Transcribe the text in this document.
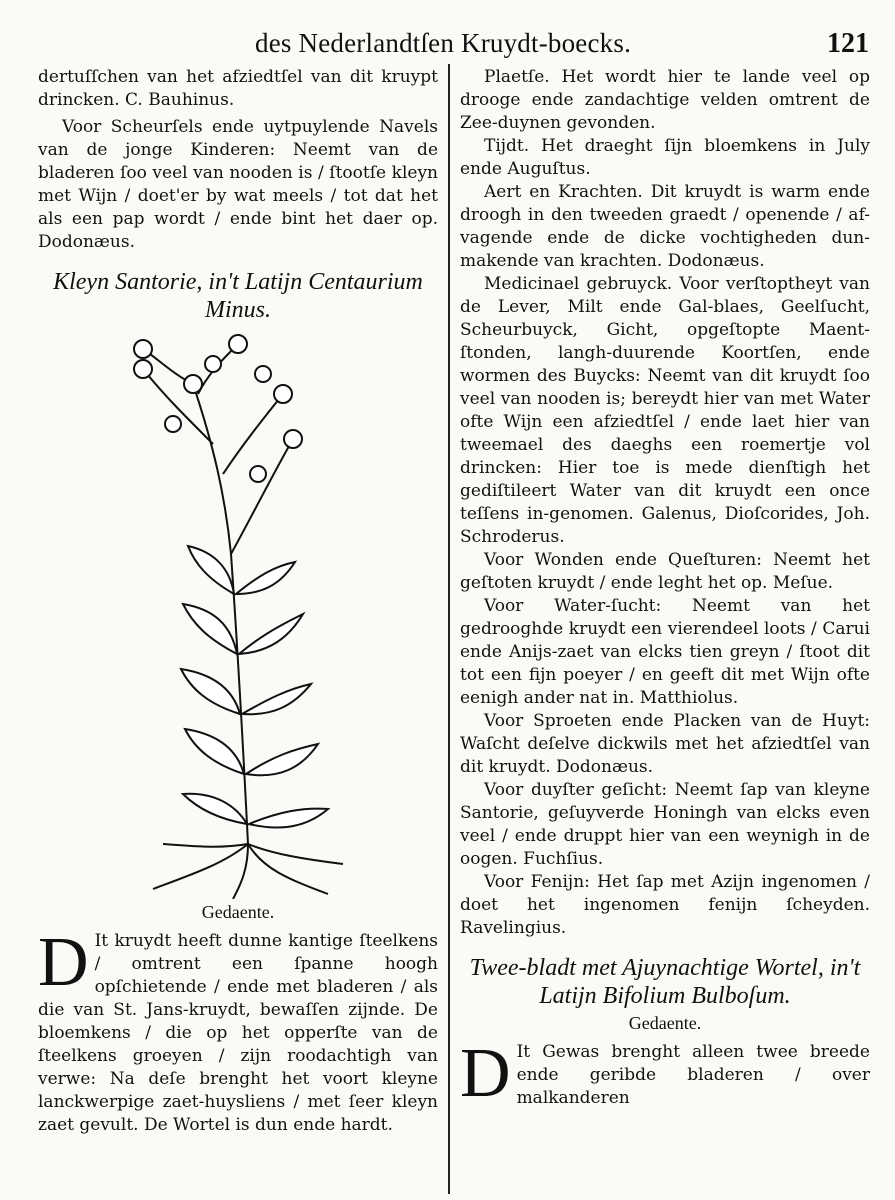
des Nederlandtſen Kruydt-boecks.	121

dertuſſchen van het afziedtſel van dit kruypt drincken. C. Bauhinus.

Voor Scheurſels ende uytpuylende Navels van de jonge Kinderen: Neemt van de bladeren ſoo veel van nooden is / ſtootſe kleyn met Wijn / doet'er by wat meels / tot dat het als een pap wordt / ende bint het daer op. Dodonæus.

Kleyn Santorie, in't Latijn Centaurium Minus.
Gedaente.

D It kruydt heeft dunne kantige ſteelkens / omtrent een ſpanne hoogh opſchietende / ende met bladeren / als die van St. Jans-kruydt, bewaſſen zijnde. De bloemkens / die op het opperſte van de ſteelkens groeyen / zijn roodachtigh van verwe: Na deſe brenght het voort kleyne lanckwerpige zaet-huysliens / met ſeer kleyn zaet gevult. De Wortel is dun ende hardt.

Plaetſe. Het wordt hier te lande veel op drooge ende zandachtige velden omtrent de Zee-duynen gevonden.

Tijdt. Het draeght ſijn bloemkens in July ende Auguſtus.

Aert en Krachten. Dit kruydt is warm ende droogh in den tweeden graedt / openende / af-vagende ende de dicke vochtigheden dun-makende van krachten. Dodonæus.

Medicinael gebruyck. Voor verſtoptheyt van de Lever, Milt ende Gal-blaes, Geelſucht, Scheurbuyck, Gicht, opgeſtopte Maent-ſtonden, langh-duurende Koortſen, ende wormen des Buycks: Neemt van dit kruydt ſoo veel van nooden is; bereydt hier van met Water ofte Wijn een afziedtſel / ende laet hier van tweemael des daeghs een roemertje vol drincken: Hier toe is mede dienſtigh het gediſtileert Water van dit kruydt een once teſſens in-genomen. Galenus, Dioſcorides, Joh. Schroderus.

Voor Wonden ende Queſturen: Neemt het geſtoten kruydt / ende leght het op. Meſue.

Voor Water-ſucht: Neemt van het gedrooghde kruydt een vierendeel loots / Carui ende Anijs-zaet van elcks tien greyn / ſtoot dit tot een fijn poeyer / en geeft dit met Wijn ofte eenigh ander nat in. Matthiolus.

Voor Sproeten ende Placken van de Huyt: Waſcht deſelve dickwils met het afziedtſel van dit kruydt. Dodonæus.

Voor duyſter geſicht: Neemt ſap van kleyne Santorie, geſuyverde Honingh van elcks even veel / ende druppt hier van een weynigh in de oogen. Fuchſius.

Voor Fenijn: Het ſap met Azijn ingenomen / doet het ingenomen fenijn ſcheyden. Ravelingius.

Twee-bladt met Ajuynachtige Wortel, in't Latijn Bifolium Bulboſum.
Gedaente.

D It Gewas brenght alleen twee breede ende geribde bladeren / over malkanderen
